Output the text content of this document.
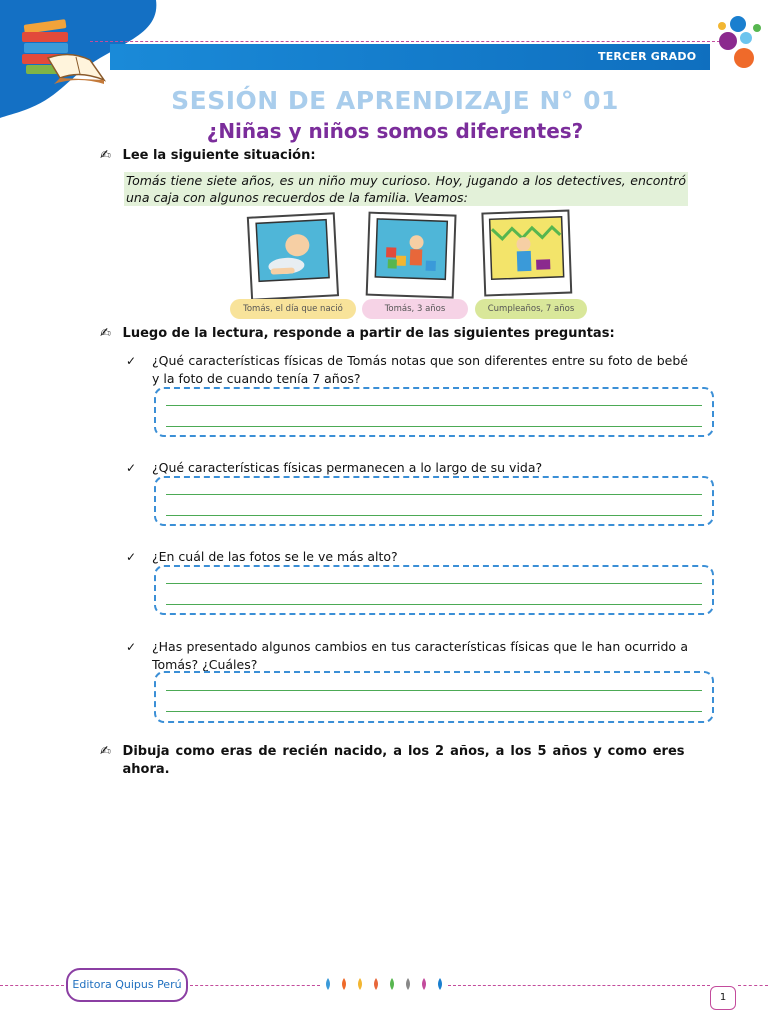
TERCER GRADO
SESIÓN DE APRENDIZAJE N° 01
¿Niñas y niños somos diferentes?
✍ Lee la siguiente situación:
Tomás tiene siete años, es un niño muy curioso. Hoy, jugando a los detectives, encontró una caja con algunos recuerdos de la familia. Veamos:
Tomás, el día que nació	Tomás, 3 años	Cumpleaños, 7 años
✍ Luego de la lectura, responde a partir de las siguientes preguntas:
✓ ¿Qué características físicas de Tomás notas que son diferentes entre su foto de bebé y la foto de cuando tenía 7 años?
✓ ¿Qué características físicas permanecen a lo largo de su vida?
✓ ¿En cuál de las fotos se le ve más alto?
✓ ¿Has presentado algunos cambios en tus características físicas que le han ocurrido a Tomás? ¿Cuáles?
✍ Dibuja como eras de recién nacido, a los 2 años, a los 5 años y como eres ahora.
Editora Quipus Perú
1
